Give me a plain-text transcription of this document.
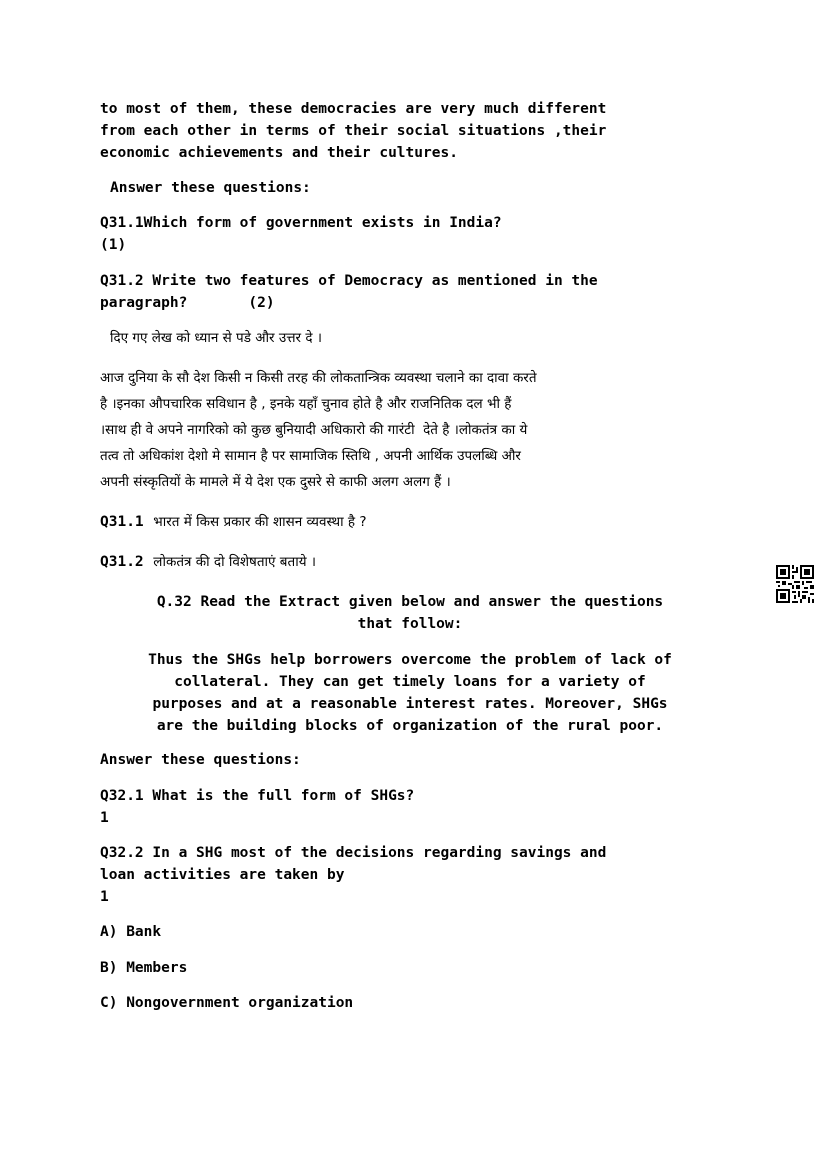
to most of them, these democracies are very much different
from each other in terms of their social situations ,their
economic achievements and their cultures.
Answer these questions:
Q31.1Which form of government exists in India?
(1)
Q31.2 Write two features of Democracy as mentioned in the
paragraph?       (2)
दिए गए लेख को ध्यान से पडे और उत्तर दे ।
आज दुनिया के सौ देश किसी न किसी तरह की लोकतान्त्रिक व्यवस्था चलाने का दावा करते
है ।इनका औपचारिक सविधान है , इनके यहाँ चुनाव होते है और राजनितिक दल भी हैं
।साथ ही वे अपने नागरिको को कुछ बुनियादी अधिकारो की गारंटी  देते है ।लोकतंत्र का ये
तत्व तो अधिकांश देशो मे सामान है पर सामाजिक स्तिथि , अपनी आर्थिक उपलब्धि और
अपनी संस्कृतियों के मामले में ये देश एक दुसरे से काफी अलग अलग हैं ।
Q31.1 भारत में किस प्रकार की शासन व्यवस्था है ?
Q31.2 लोकतंत्र की दो विशेषताएं बताये ।
Q.32 Read the Extract given below and answer the questions
that follow:
Thus the SHGs help borrowers overcome the problem of lack of
collateral. They can get timely loans for a variety of
purposes and at a reasonable interest rates. Moreover, SHGs
are the building blocks of organization of the rural poor.
Answer these questions:
Q32.1 What is the full form of SHGs?
1
Q32.2 In a SHG most of the decisions regarding savings and
loan activities are taken by
1
A) Bank
B) Members
C) Nongovernment organization
